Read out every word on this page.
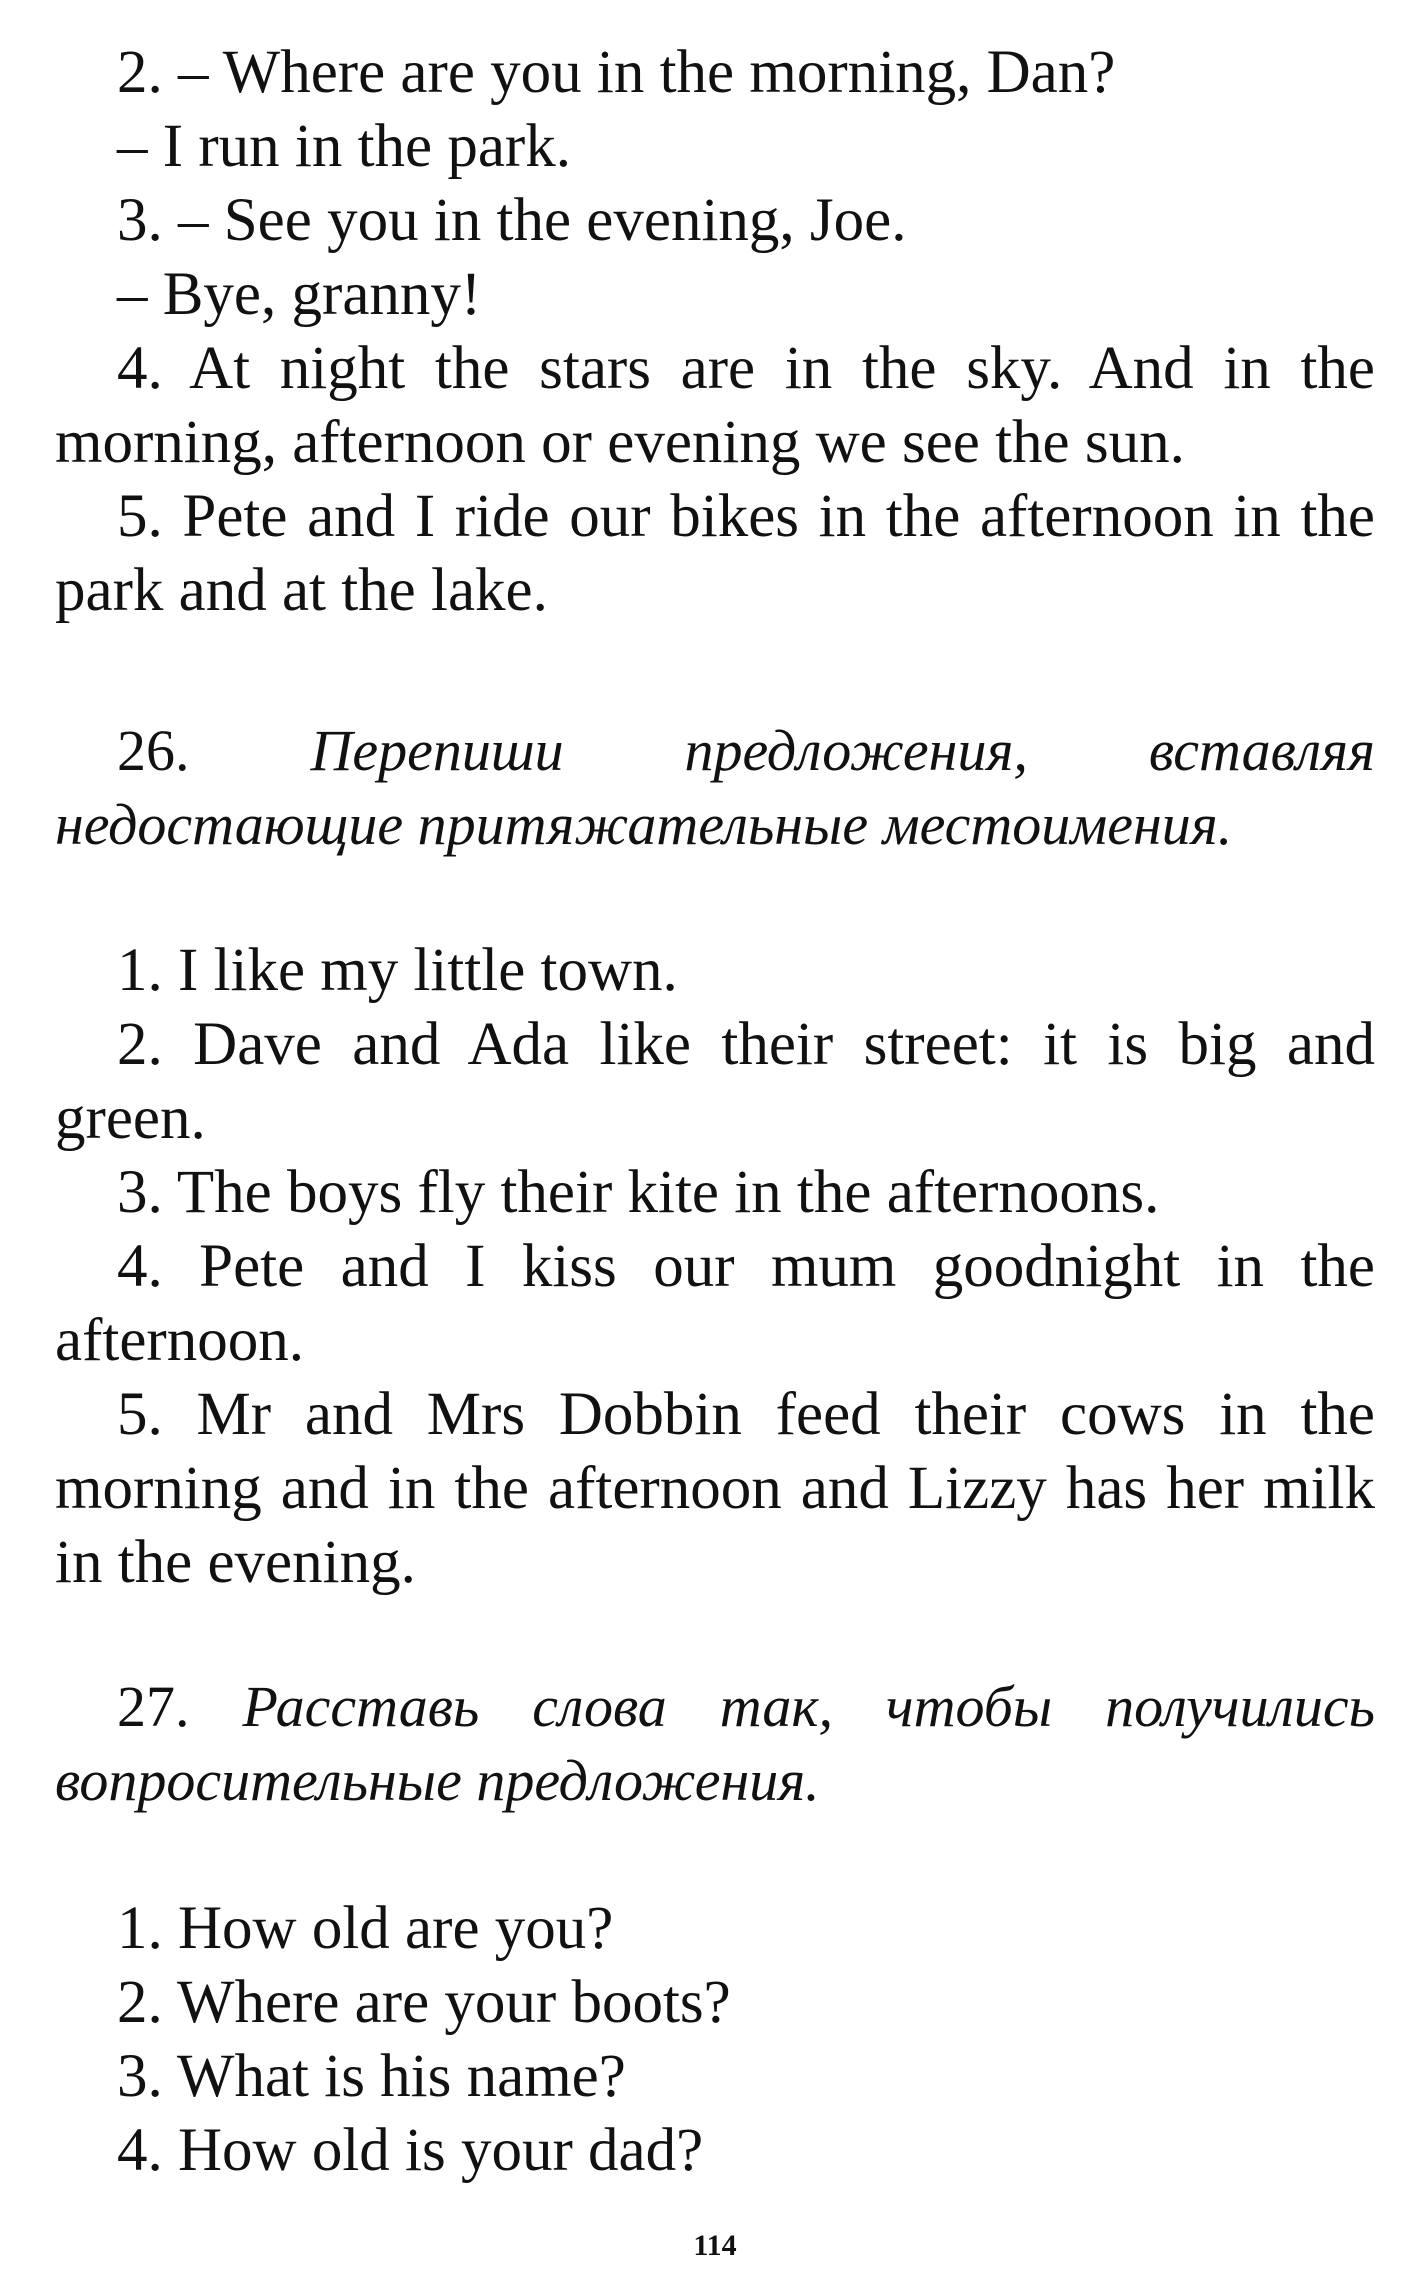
2. – Where are you in the morning, Dan?

– I run in the park.

3. – See you in the evening, Joe.

– Bye, granny!

4. At night the stars are in the sky. And in the morning, afternoon or evening we see the sun.

5. Pete and I ride our bikes in the afternoon in the park and at the lake.

26. Перепиши предложения, вставляя недостающие притяжательные местоимения.

1. I like my little town.

2. Dave and Ada like their street: it is big and green.

3. The boys fly their kite in the afternoons.

4. Pete and I kiss our mum goodnight in the afternoon.

5. Mr and Mrs Dobbin feed their cows in the morning and in the afternoon and Lizzy has her milk in the evening.

27. Расставь слова так, чтобы получились вопросительные предложения.

1. How old are you?

2. Where are your boots?

3. What is his name?

4. How old is your dad?

114
